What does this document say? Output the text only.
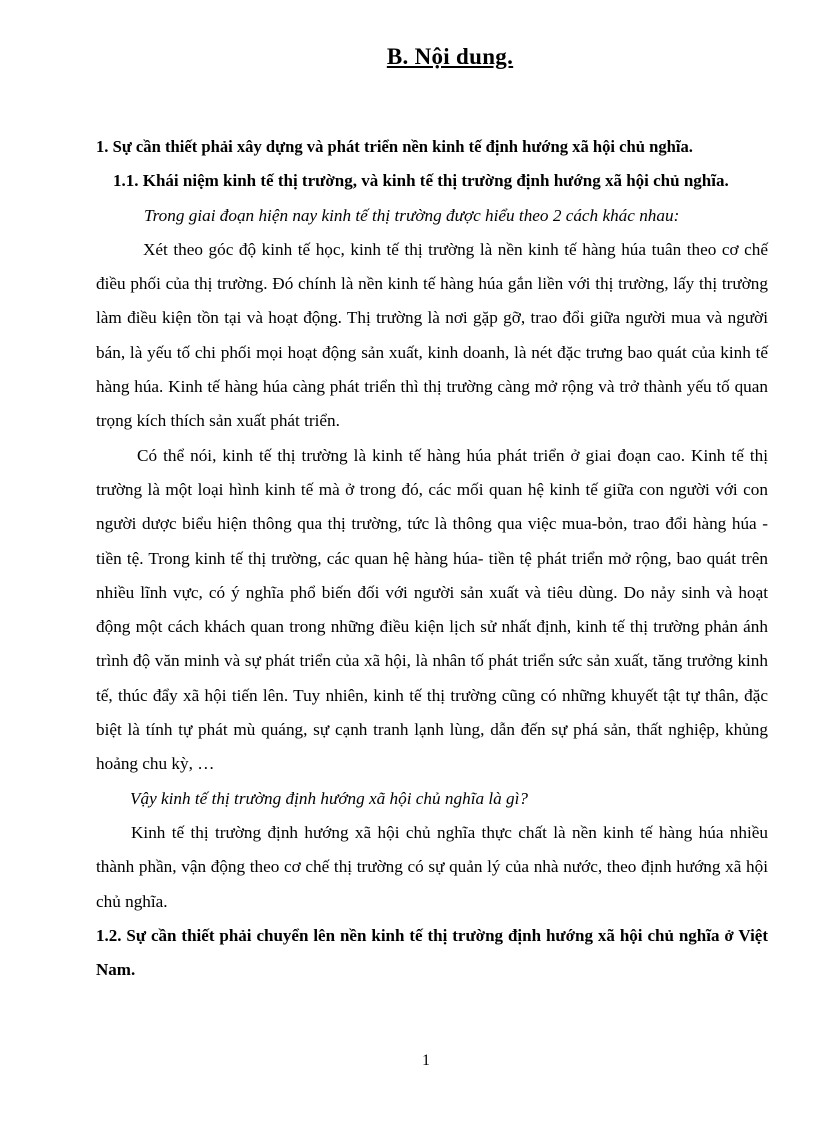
B. Nội dung.

1. Sự cần thiết phải xây dựng và phát triển nền kinh tế định hướng xã hội chủ nghĩa.

1.1. Khái niệm kinh tế thị trường, và kinh tế thị trường định hướng xã hội chủ nghĩa.

Trong giai đoạn hiện nay kinh tế thị trường được hiểu theo 2 cách khác nhau:

Xét theo góc độ kinh tế học, kinh tế thị trường là nền kinh tế hàng húa tuân theo cơ chế điều phối của thị trường. Đó chính là nền kinh tế hàng húa gắn liền với thị trường, lấy thị trường làm điều kiện tồn tại và hoạt động. Thị trường là nơi gặp gỡ, trao đổi giữa người mua và người bán, là yếu tố chi phối mọi hoạt động sản xuất, kinh doanh, là nét đặc trưng bao quát của kinh tế hàng húa. Kinh tế hàng húa càng phát triển thì thị trường càng mở rộng và trở thành yếu tố quan trọng kích thích sản xuất phát triển.

Có thể nói, kinh tế thị trường là kinh tế hàng húa phát triển ở giai đoạn cao. Kinh tế thị trường là một loại hình kinh tế mà ở trong đó, các mối quan hệ kinh tế giữa con người với con người dược biểu hiện thông qua thị trường, tức là thông qua việc mua-bỏn, trao đổi hàng húa - tiền tệ. Trong kinh tế thị trường, các quan hệ hàng húa- tiền tệ phát triển mở rộng, bao quát trên nhiều lĩnh vực, có ý nghĩa phổ biến đối với người sản xuất và tiêu dùng. Do nảy sinh và hoạt động một cách khách quan trong những điều kiện lịch sử nhất định, kinh tế thị trường phản ánh trình độ văn minh và sự phát triển của xã hội, là nhân tố phát triển sức sản xuất, tăng trưởng kinh tế, thúc đẩy xã hội tiến lên. Tuy nhiên, kinh tế thị trường cũng có những khuyết tật tự thân, đặc biệt là tính tự phát mù quáng, sự cạnh tranh lạnh lùng, dẫn đến sự phá sản, thất nghiệp, khủng hoảng chu kỳ, …

Vậy kinh tế thị trường định hướng xã hội chủ nghĩa là gì?

Kinh tế thị trường định hướng xã hội chủ nghĩa thực chất là nền kinh tế hàng húa nhiều thành phần, vận động theo cơ chế thị trường có sự quản lý của nhà nước, theo định hướng xã hội chủ nghĩa.

1.2. Sự cần thiết phải chuyển lên nền kinh tế thị trường định hướng xã hội chủ nghĩa ở Việt Nam.

1
